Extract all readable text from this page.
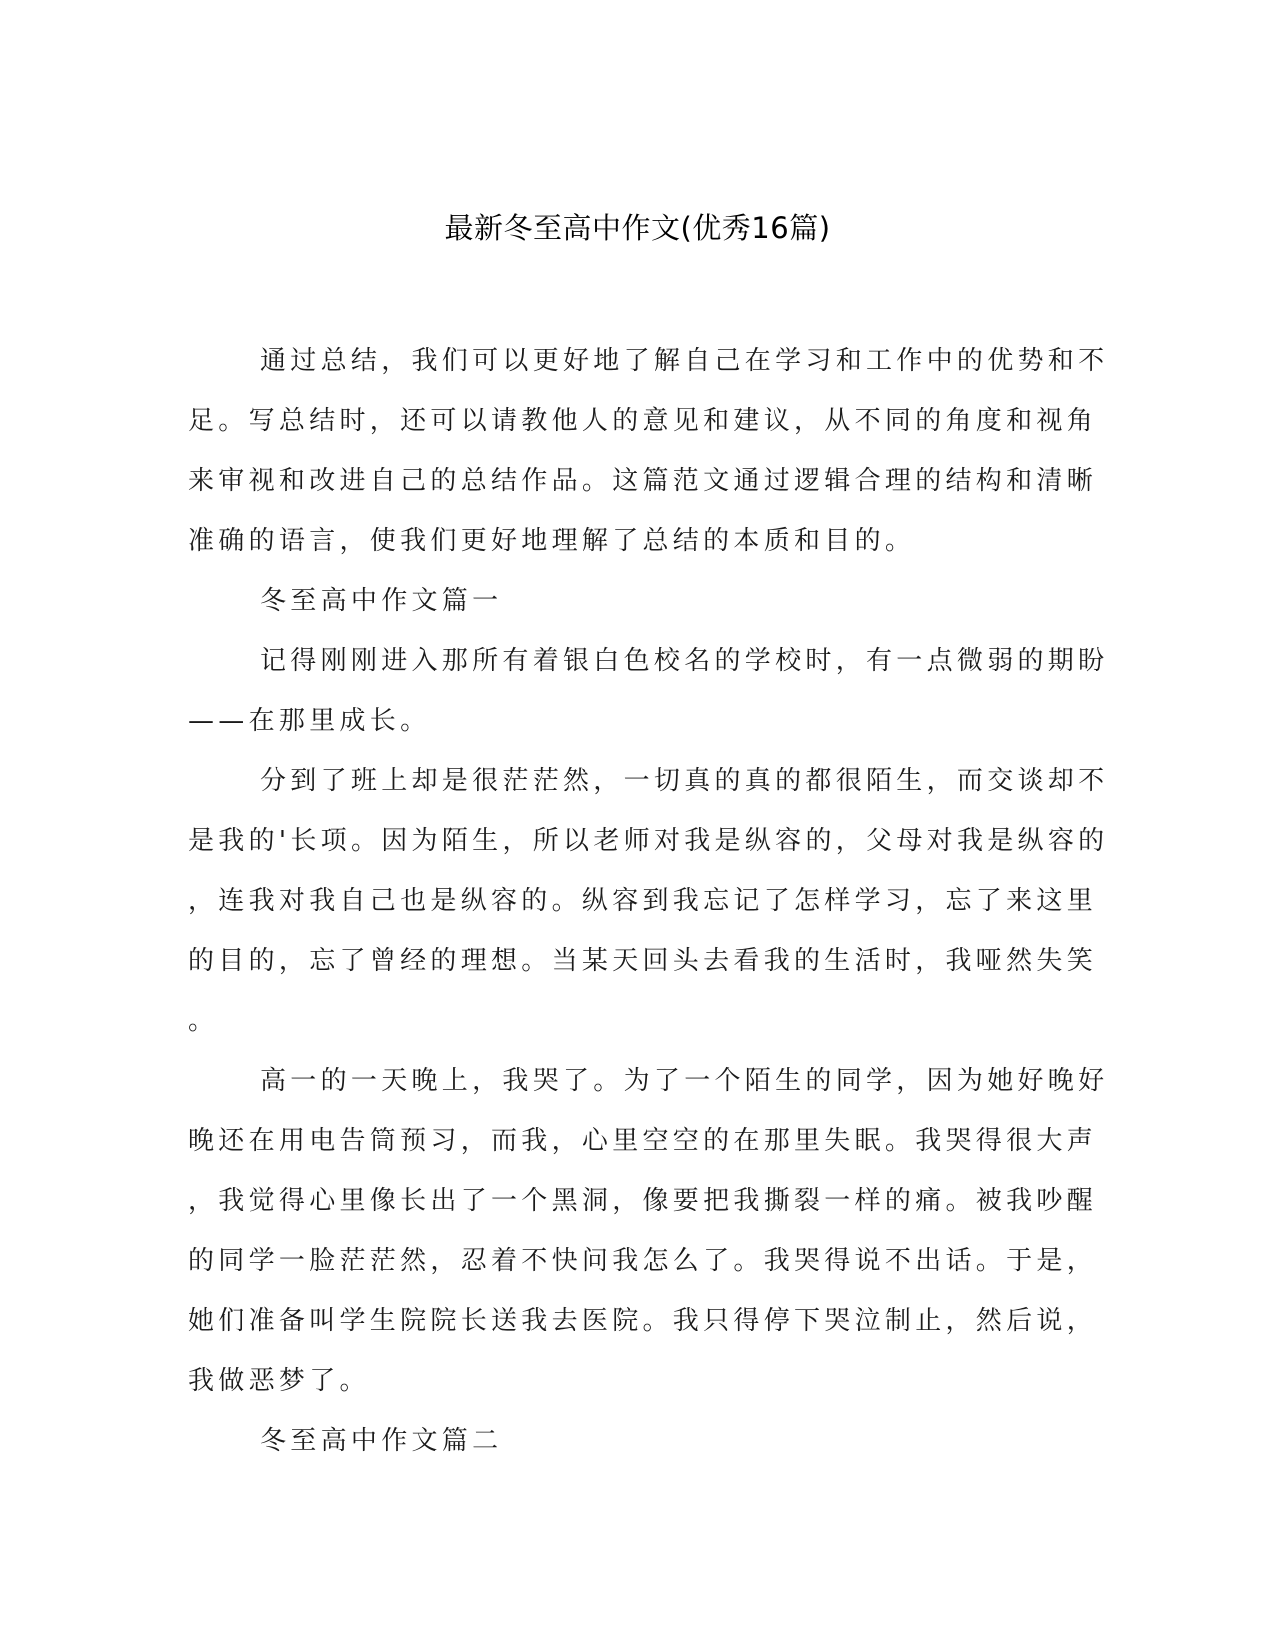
最新冬至高中作文(优秀16篇)

通过总结，我们可以更好地了解自己在学习和工作中的优势和不
足。写总结时，还可以请教他人的意见和建议，从不同的角度和视角
来审视和改进自己的总结作品。这篇范文通过逻辑合理的结构和清晰
准确的语言，使我们更好地理解了总结的本质和目的。

冬至高中作文篇一

记得刚刚进入那所有着银白色校名的学校时，有一点微弱的期盼
——在那里成长。

分到了班上却是很茫茫然，一切真的真的都很陌生，而交谈却不
是我的'长项。因为陌生，所以老师对我是纵容的，父母对我是纵容的
，连我对我自己也是纵容的。纵容到我忘记了怎样学习，忘了来这里
的目的，忘了曾经的理想。当某天回头去看我的生活时，我哑然失笑
。

高一的一天晚上，我哭了。为了一个陌生的同学，因为她好晚好
晚还在用电告筒预习，而我，心里空空的在那里失眠。我哭得很大声
，我觉得心里像长出了一个黑洞，像要把我撕裂一样的痛。被我吵醒
的同学一脸茫茫然，忍着不快问我怎么了。我哭得说不出话。于是，
她们准备叫学生院院长送我去医院。我只得停下哭泣制止，然后说，
我做恶梦了。

冬至高中作文篇二
